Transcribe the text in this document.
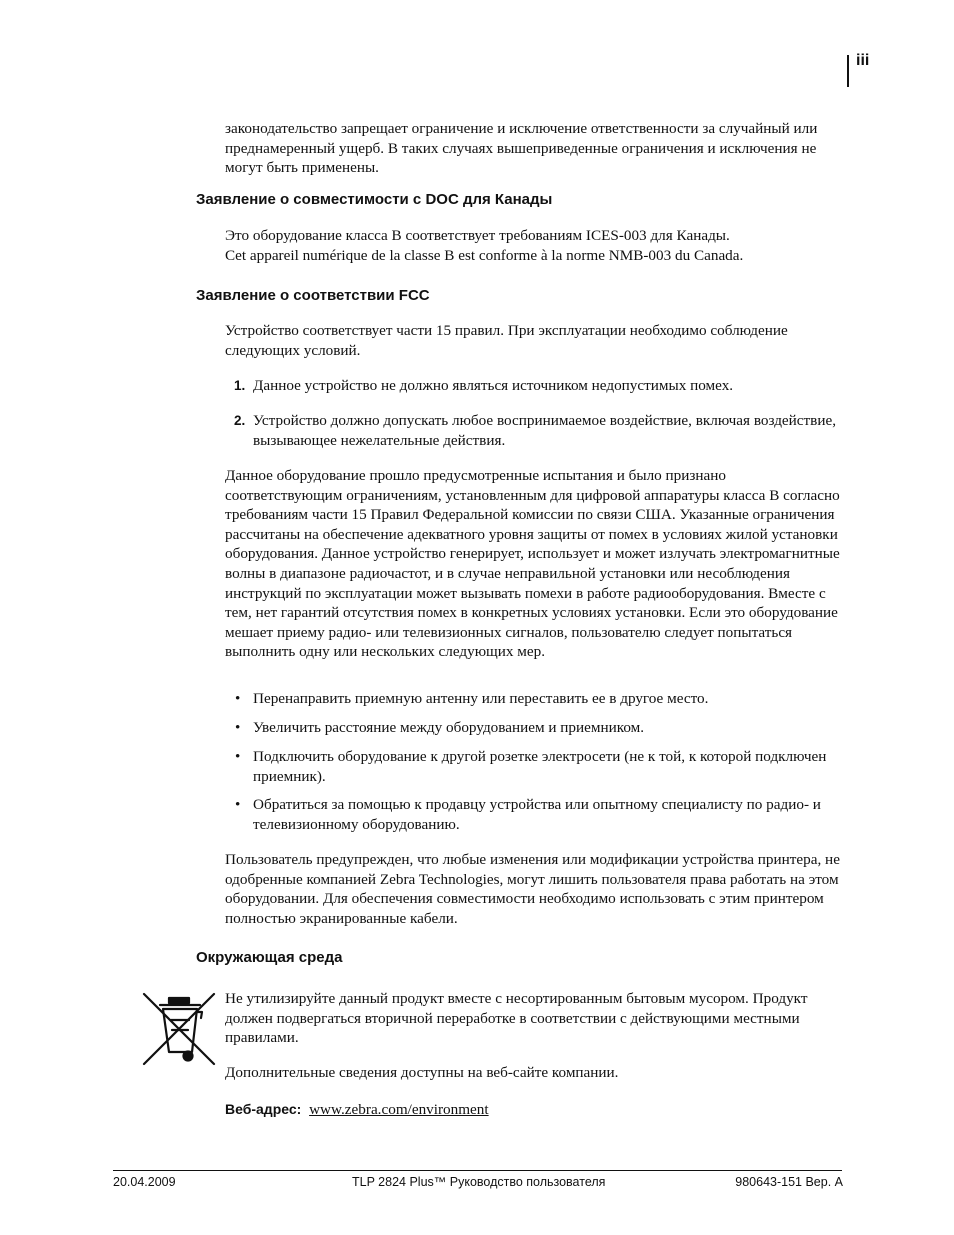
iii

законодательство запрещает ограничение и исключение ответственности за случайный или преднамеренный ущерб. В таких случаях вышеприведенные ограничения и исключения не могут быть применены.

Заявление о совместимости с DOC для Канады

Это оборудование класса В соответствует требованиям ICES-003 для Канады.

Cet appareil numérique de la classe B est conforme à la norme NMB-003 du Canada.

Заявление о соответствии FCC

Устройство соответствует части 15 правил. При эксплуатации необходимо соблюдение следующих условий.

1. Данное устройство не должно являться источником недопустимых помех.
2. Устройство должно допускать любое воспринимаемое воздействие, включая воздействие, вызывающее нежелательные действия.

Данное оборудование прошло предусмотренные испытания и было признано соответствующим ограничениям, установленным для цифровой аппаратуры класса В согласно требованиям части 15 Правил Федеральной комиссии по связи США. Указанные ограничения рассчитаны на обеспечение адекватного уровня защиты от помех в условиях жилой установки оборудования. Данное устройство генерирует, использует и может излучать электромагнитные волны в диапазоне радиочастот, и в случае неправильной установки или несоблюдения инструкций по эксплуатации может вызывать помехи в работе радиооборудования. Вместе с тем, нет гарантий отсутствия помех в конкретных условиях установки. Если это оборудование мешает приему радио- или телевизионных сигналов, пользователю следует попытаться выполнить одну или нескольких следующих мер.

• Перенаправить приемную антенну или переставить ее в другое место.
• Увеличить расстояние между оборудованием и приемником.
• Подключить оборудование к другой розетке электросети (не к той, к которой подключен приемник).
• Обратиться за помощью к продавцу устройства или опытному специалисту по радио- и телевизионному оборудованию.

Пользователь предупрежден, что любые изменения или модификации устройства принтера, не одобренные компанией Zebra Technologies, могут лишить пользователя права работать на этом оборудовании. Для обеспечения совместимости необходимо использовать с этим принтером полностью экранированные кабели.

Окружающая среда

Не утилизируйте данный продукт вместе с несортированным бытовым мусором. Продукт должен подвергаться вторичной переработке в соответствии с действующими местными правилами.

Дополнительные сведения доступны на веб-сайте компании.

Веб-адрес: www.zebra.com/environment
20.04.2009	TLP 2824 Plus™ Руководство пользователя	980643-151 Вер. A
